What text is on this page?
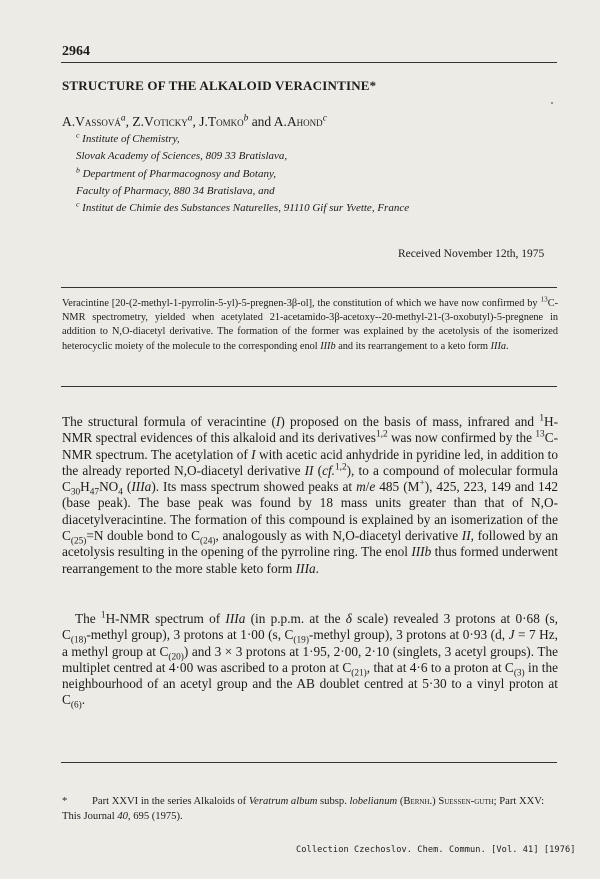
2964
STRUCTURE OF THE ALKALOID VERACINTINE*
A.Vassová$^a$, Z.Voticky$^a$, J.Tomko$^b$ and A.Ahond$^c$
$^c$ Institute of Chemistry,
Slovak Academy of Sciences, 809 33 Bratislava,
$^b$ Department of Pharmacognosy and Botany,
Faculty of Pharmacy, 880 34 Bratislava, and
$^c$ Institut de Chimie des Substances Naturelles, 91110 Gif sur Yvette, France
Received November 12th, 1975
Veracintine [20-(2-methyl-1-pyrrolin-5-yl)-5-pregnen-3β-ol], the constitution of which we have now confirmed by $^{13}$C-NMR spectrometry, yielded when acetylated 21-acetamido-3β-acetoxy--20-methyl-21-(3-oxobutyl)-5-pregnene in addition to N,O-diacetyl derivative. The formation of the former was explained by the acetolysis of the isomerized heterocyclic moiety of the molecule to the corresponding enol IIIb and its rearrangement to a keto form IIIa.
The structural formula of veracintine (I) proposed on the basis of mass, infrared and $^1$H-NMR spectral evidences of this alkaloid and its derivatives$^{1,2}$ was now confirmed by the $^{13}$C-NMR spectrum. The acetylation of I with acetic acid anhydride in pyridine led, in addition to the already reported N,O-diacetyl derivative II (cf.$^{1,2}$), to a compound of molecular formula $C_{30}H_{47}NO_4$ (IIIa). Its mass spectrum showed peaks at m/e 485 (M+), 425, 223, 149 and 142 (base peak). The base peak was found by 18 mass units greater than that of N,O-diacetylveracintine. The formation of this compound is explained by an isomerization of the $C_{(25)}=N$ double bond to $C_{(24)}$, analogously as with N,O-diacetyl derivative II, followed by an acetolysis resulting in the opening of the pyrroline ring. The enol IIIb thus formed underwent rearrangement to the more stable keto form IIIa.
The $^1$H-NMR spectrum of IIIa (in p.p.m. at the δ scale) revealed 3 protons at 0·68 (s, $C_{(18)}$-methyl group), 3 protons at 1·00 (s, $C_{(19)}$-methyl group), 3 protons at 0·93 (d, J = 7 Hz, a methyl group at $C_{(20)}$) and 3 × 3 protons at 1·95, 2·00, 2·10 (singlets, 3 acetyl groups). The multiplet centred at 4·00 was ascribed to a proton at $C_{(21)}$, that at 4·6 to a proton at $C_{(3)}$ in the neighbourhood of an acetyl group and the AB doublet centred at 5·30 to a vinyl proton at $C_{(6)}$.
* Part XXVI in the series Alkaloids of Veratrum album subsp. lobelianum (Bernh.) Suessen-guth; Part XXV: This Journal 40, 695 (1975).
Collection Czechoslov. Chem. Commun. [Vol. 41] [1976]
